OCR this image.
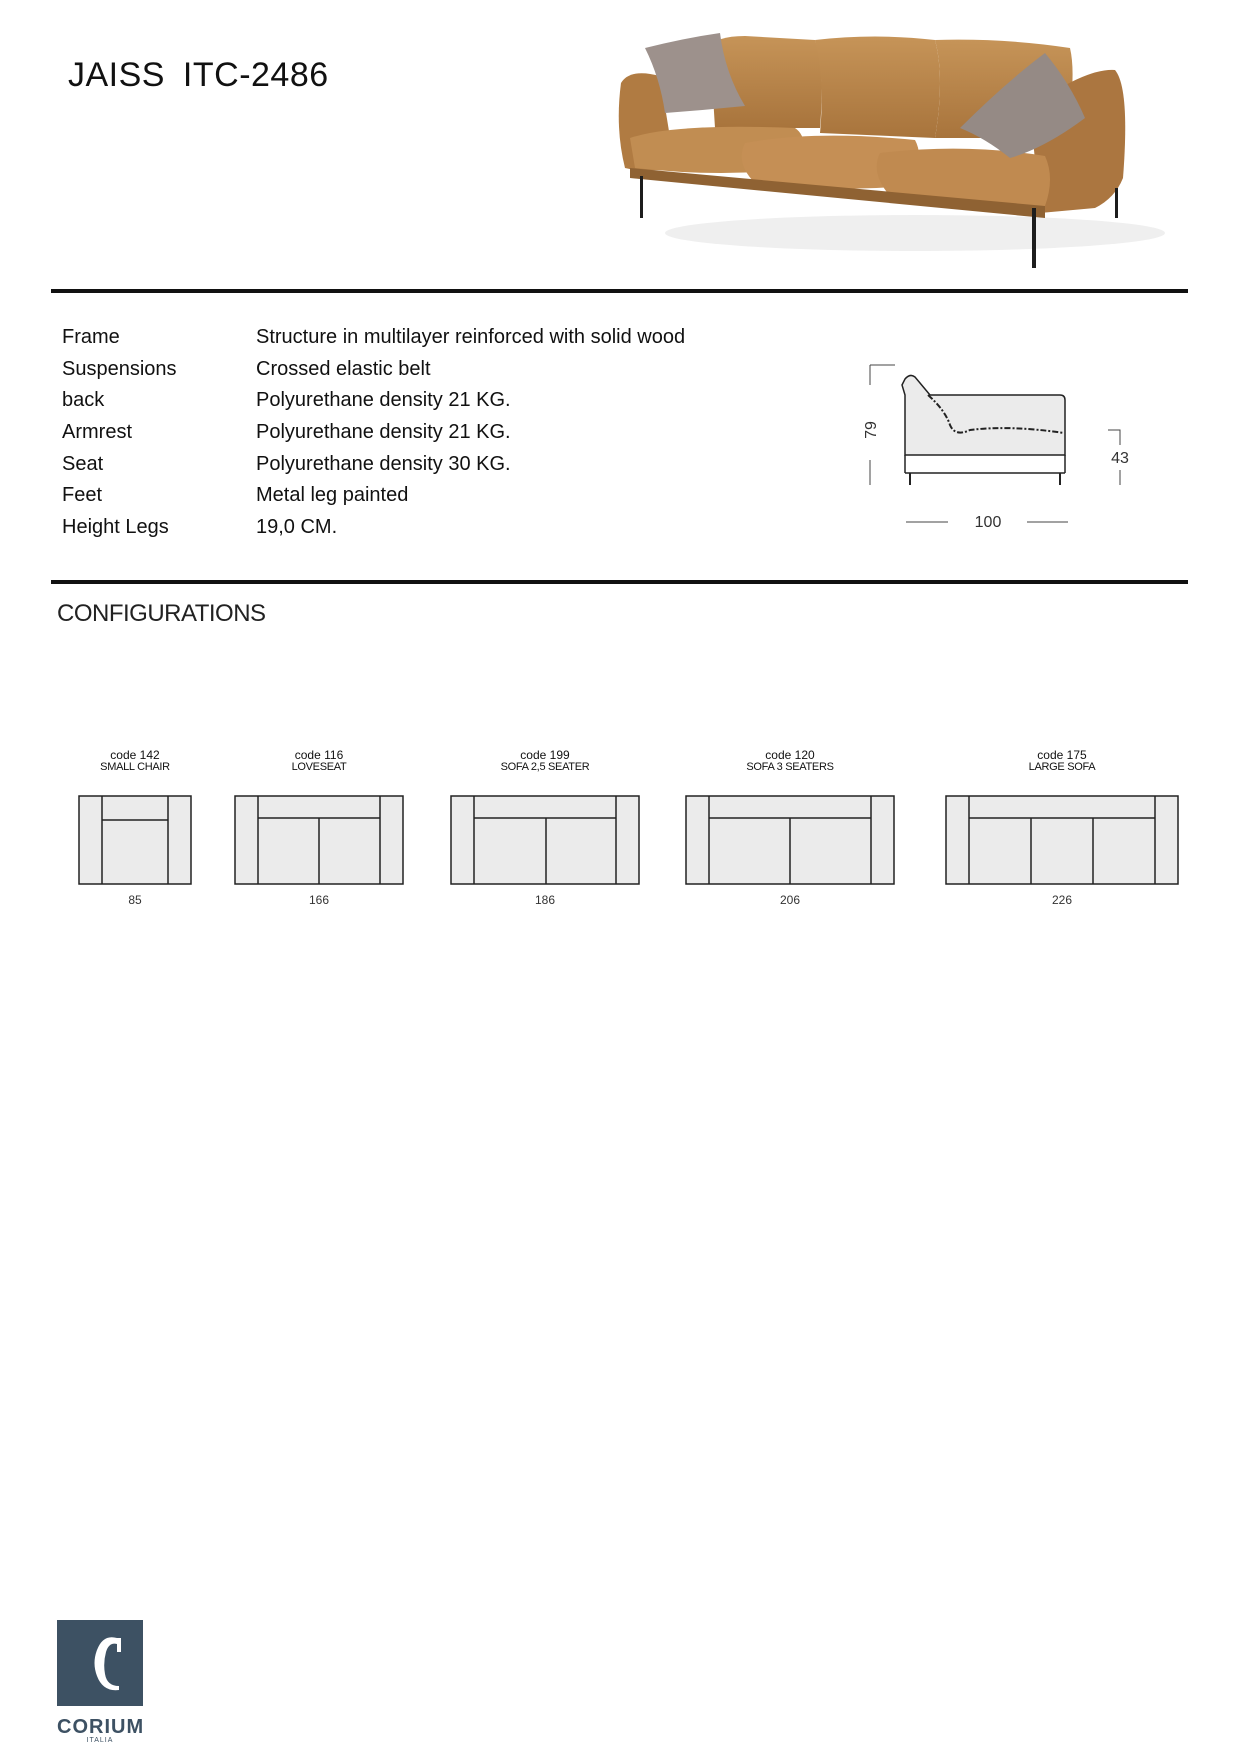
JAISS ITC-2486
Frame	Structure in multilayer reinforced with solid wood
Suspensions	Crossed elastic belt
back	Polyurethane density 21 KG.
Armrest	Polyurethane density 21 KG.
Seat	Polyurethane density 30 KG.
Feet	Metal leg painted
Height Legs	19,0 CM.
79
43
100
CONFIGURATIONS
code 142
SMALL CHAIR
85
code 116
LOVESEAT
166
code 199
SOFA 2,5 SEATER
186
code 120
SOFA 3 SEATERS
206
code 175
LARGE SOFA
226
CORIUM
ITALIA
